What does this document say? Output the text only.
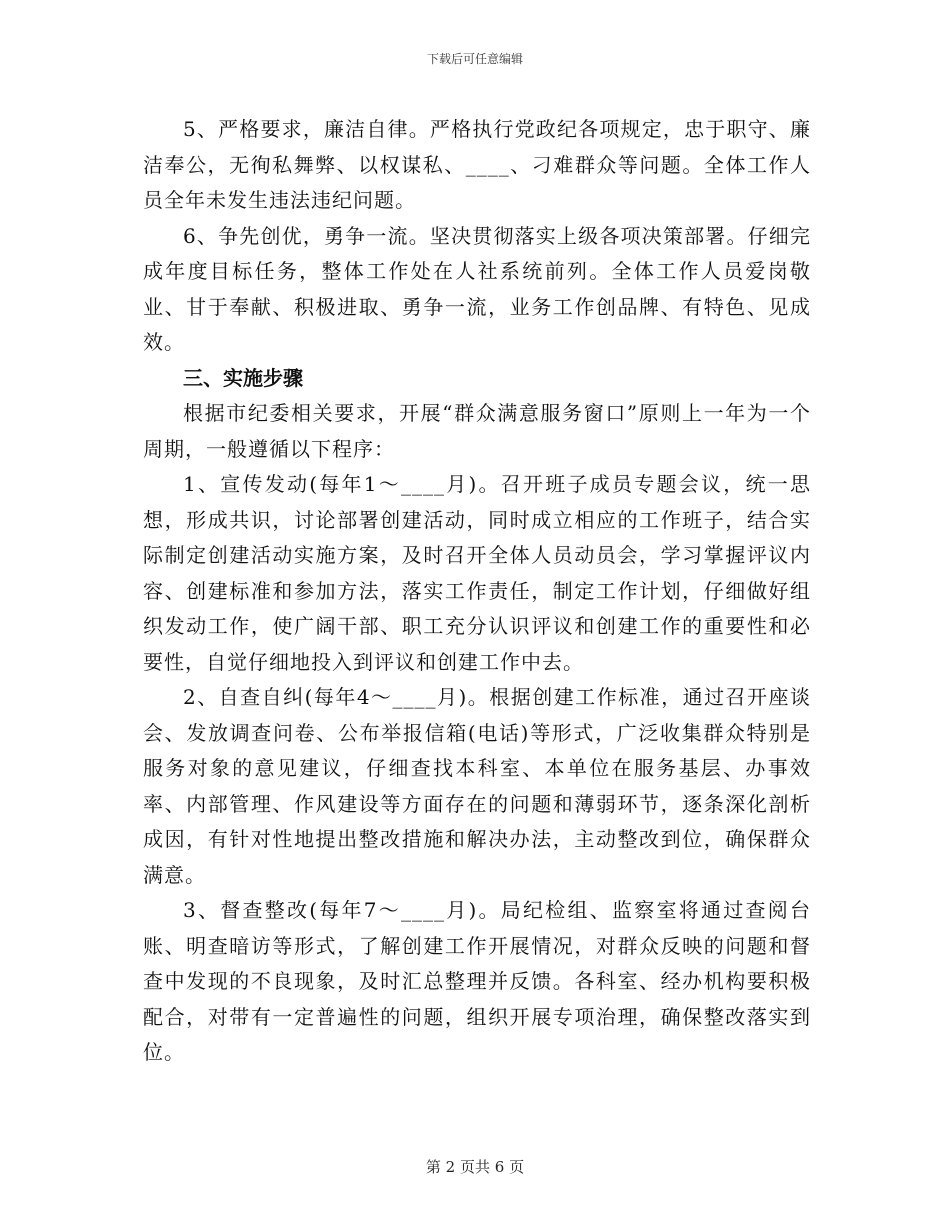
下载后可任意编辑

5、严格要求，廉洁自律。严格执行党政纪各项规定，忠于职守、廉洁奉公，无徇私舞弊、以权谋私、____、刁难群众等问题。全体工作人员全年未发生违法违纪问题。

6、争先创优，勇争一流。坚决贯彻落实上级各项决策部署。仔细完成年度目标任务，整体工作处在人社系统前列。全体工作人员爱岗敬业、甘于奉献、积极进取、勇争一流，业务工作创品牌、有特色、见成效。

三、实施步骤

根据市纪委相关要求，开展“群众满意服务窗口”原则上一年为一个周期，一般遵循以下程序：

1、宣传发动(每年1～____月)。召开班子成员专题会议，统一思想，形成共识，讨论部署创建活动，同时成立相应的工作班子，结合实际制定创建活动实施方案，及时召开全体人员动员会，学习掌握评议内容、创建标准和参加方法，落实工作责任，制定工作计划，仔细做好组织发动工作，使广阔干部、职工充分认识评议和创建工作的重要性和必要性，自觉仔细地投入到评议和创建工作中去。

2、自查自纠(每年4～____月)。根据创建工作标准，通过召开座谈会、发放调查问卷、公布举报信箱(电话)等形式，广泛收集群众特别是服务对象的意见建议，仔细查找本科室、本单位在服务基层、办事效率、内部管理、作风建设等方面存在的问题和薄弱环节，逐条深化剖析成因，有针对性地提出整改措施和解决办法，主动整改到位，确保群众满意。

3、督查整改(每年7～____月)。局纪检组、监察室将通过查阅台账、明查暗访等形式，了解创建工作开展情况，对群众反映的问题和督查中发现的不良现象，及时汇总整理并反馈。各科室、经办机构要积极配合，对带有一定普遍性的问题，组织开展专项治理，确保整改落实到位。

第 2 页共 6 页
